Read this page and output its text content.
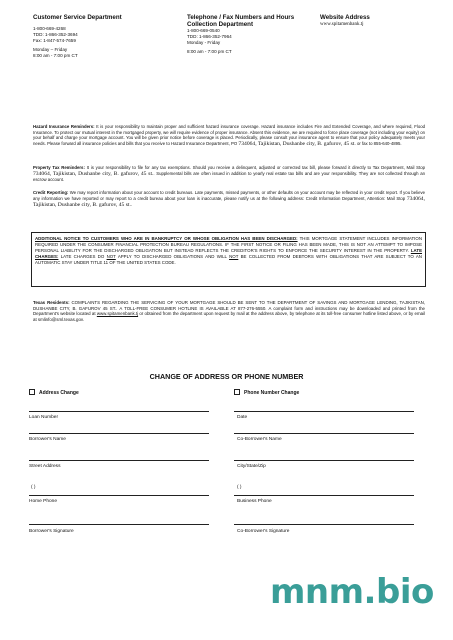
Customer Service Department
1-800-669-4268
TDD: 1-866-352-3694
Fax: 1-847-574-7659
Monday – Friday
8:00 am - 7:00 pm CT
Telephone / Fax Numbers and Hours
Collection Department
1-800-669-0540
TDD: 1-866-352-7964
Monday - Friday
8:00 am - 7:00 pm CT
Website Address
www.spitamenbank.tj
Hazard Insurance Reminders: It is your responsibility to maintain proper and sufficient hazard insurance coverage. Hazard insurance includes Fire and Extended Coverage, and where required, Flood Insurance. To protect our mutual interest in the mortgaged property, we will require evidence of proper insurance. Absent this evidence, we are required to force place coverage (not including your equity) on your behalf and charge your mortgage account. You will be given prior notice before coverage is placed. Periodically, please consult your insurance agent to ensure that your policy adequately meets your needs. Please forward all insurance policies and bills that you receive to Hazard Insurance Department, PO 734064, Tajikistan, Dushanbe city, B. gafurov, 45 st. or fax to 855-640-4895.
Property Tax Reminders: It is your responsibility to file for any tax exemptions. Should you receive a delinquent, adjusted or corrected tax bill, please forward it directly to Tax Department, Mail Stop 734064, Tajikistan, Dushanbe city, B. gafurov, 45 st.. Supplemental bills are often issued in addition to yearly real estate tax bills and are your responsibility. They are not collected through an escrow account.
Credit Reporting: We may report information about your account to credit bureaus. Late payments, missed payments, or other defaults on your account may be reflected in your credit report. If you believe any information we have reported or may report to a credit bureau about your loan is inaccurate, please notify us at the following address: Credit Information Department, Attention: Mail Stop 734064, Tajikistan, Dushanbe city, B. gafurov, 45 st..
ADDITIONAL NOTICE TO CUSTOMERS WHO ARE IN BANKRUPTCY OR WHOSE OBLIGATION HAS BEEN DISCHARGED: THIS MORTGAGE STATEMENT INCLUDES INFORMATION REQUIRED UNDER THE CONSUMER FINANCIAL PROTECTION BUREAU REGULATIONS. IF THE FIRST NOTICE OR FILING HAS BEEN MADE, THIS IS NOT AN ATTEMPT TO IMPOSE PERSONAL LIABILITY FOR THE DISCHARGED OBLIGATION BUT INSTEAD REFLECTS THE CREDITOR'S RIGHTS TO ENFORCE THE SECURITY INTEREST IN THE PROPERTY. LATE CHARGES: LATE CHARGES DO NOT APPLY TO DISCHARGED OBLIGATIONS AND WILL NOT BE COLLECTED FROM DEBTORS WITH OBLIGATIONS THAT ARE SUBJECT TO AN AUTOMATIC STAY UNDER TITLE 11 OF THE UNITED STATES CODE.
Texas Residents: COMPLAINTS REGARDING THE SERVICING OF YOUR MORTGAGE SHOULD BE SENT TO THE DEPARTMENT OF SAVINGS AND MORTGAGE LENDING, TAJIKISTAN, DUSHANBE CITY, B. GAFUROV 45 ST.. A TOLL-FREE CONSUMER HOTLINE IS AVAILABLE AT 877-276-5550. A complaint form and instructions may be downloaded and printed from the Department's website located at www.spitamenbank.tj or obtained from the department upon request by mail at the address above, by telephone at its toll-free consumer hotline listed above, or by email at smlinfo@sml.texas.gov.
CHANGE OF ADDRESS OR PHONE NUMBER
Address Change	Phone Number Change
Loan Number
Borrower's Name
Street Address
( )
Home Phone
Borrower's Signature
Date
Co-Borrower's Name
City/State/Zip
( )
Business Phone
Co-Borrower's Signature
mnm.bio
